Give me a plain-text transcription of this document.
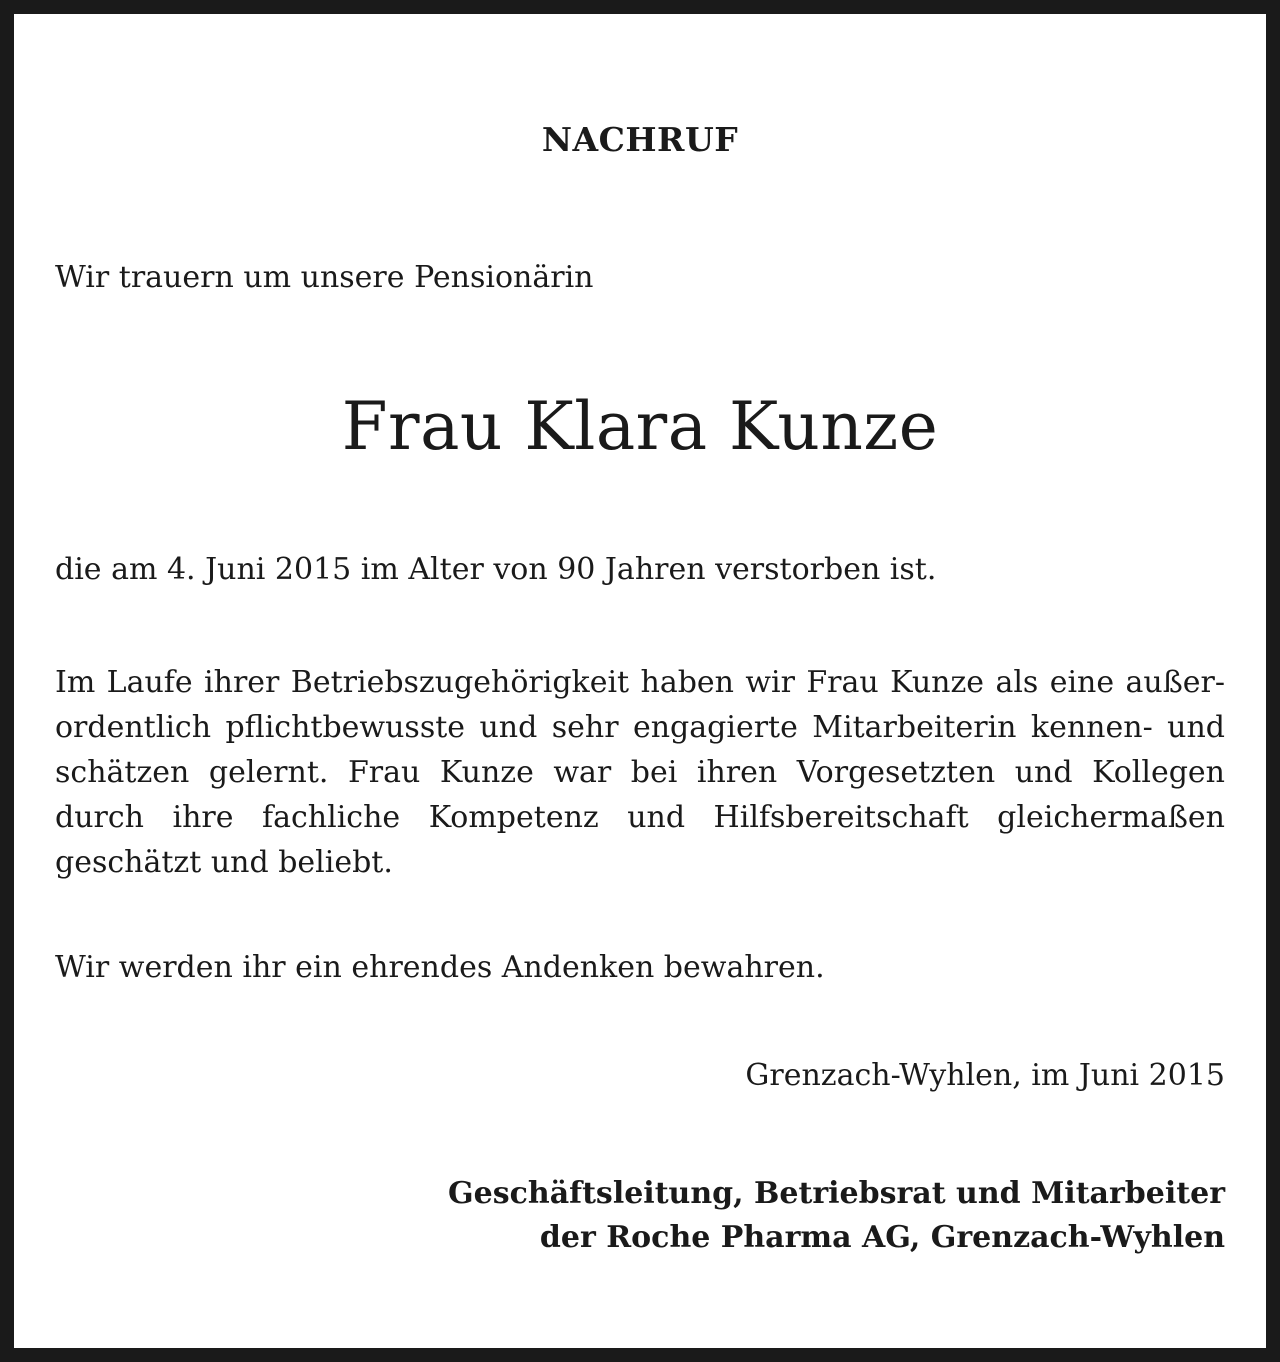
NACHRUF

Wir trauern um unsere Pensionärin

Frau Klara Kunze

die am 4. Juni 2015 im Alter von 90 Jahren verstorben ist.

Im Laufe ihrer Betriebszugehörigkeit haben wir Frau Kunze als eine außerordentlich pflichtbewusste und sehr engagierte Mitarbeiterin kennen- und schätzen gelernt. Frau Kunze war bei ihren Vorgesetzten und Kollegen durch ihre fachliche Kompetenz und Hilfsbereitschaft gleichermaßen geschätzt und beliebt.

Wir werden ihr ein ehrendes Andenken bewahren.

Grenzach-Wyhlen, im Juni 2015

Geschäftsleitung, Betriebsrat und Mitarbeiter
der Roche Pharma AG, Grenzach-Wyhlen
